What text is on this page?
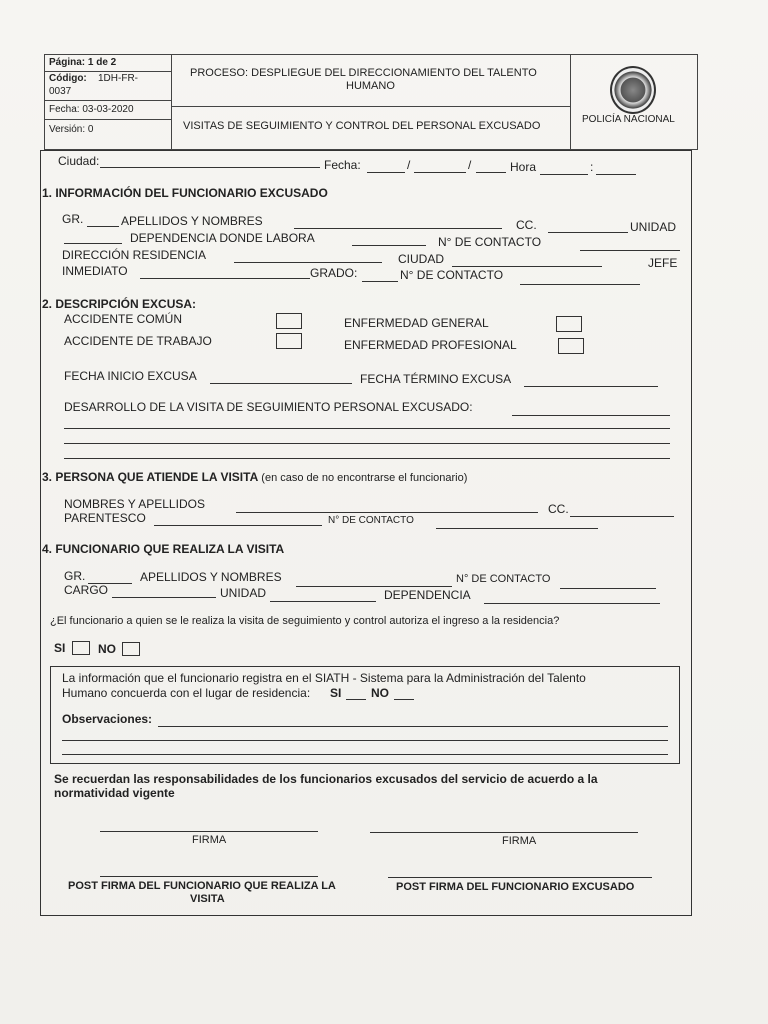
Página: 1 de 2
Código: 1DH-FR-
0037
Fecha: 03-03-2020
Versión: 0
PROCESO: DESPLIEGUE DEL DIRECCIONAMIENTO DEL TALENTO
HUMANO
VISITAS DE SEGUIMIENTO Y CONTROL DEL PERSONAL EXCUSADO
POLICÍA NACIONAL
Ciudad:	Fecha:	/	/	Hora	:
1. INFORMACIÓN DEL FUNCIONARIO EXCUSADO
GR.	APELLIDOS Y NOMBRES	CC.	UNIDAD
DEPENDENCIA DONDE LABORA	N° DE CONTACTO
DIRECCIÓN RESIDENCIA	CIUDAD	JEFE
INMEDIATO	GRADO:	N° DE CONTACTO
2. DESCRIPCIÓN EXCUSA:
ACCIDENTE COMÚN	ENFERMEDAD GENERAL
ACCIDENTE DE TRABAJO	ENFERMEDAD PROFESIONAL
FECHA INICIO EXCUSA	FECHA TÉRMINO EXCUSA
DESARROLLO DE LA VISITA DE SEGUIMIENTO PERSONAL EXCUSADO:
3. PERSONA QUE ATIENDE LA VISITA (en caso de no encontrarse el funcionario)
NOMBRES Y APELLIDOS	CC.
PARENTESCO	N° DE CONTACTO
4. FUNCIONARIO QUE REALIZA LA VISITA
GR.	APELLIDOS Y NOMBRES	N° DE CONTACTO
CARGO	UNIDAD	DEPENDENCIA
¿El funcionario a quien se le realiza la visita de seguimiento y control autoriza el ingreso a la residencia?
SI	NO
La información que el funcionario registra en el SIATH - Sistema para la Administración del Talento
Humano concuerda con el lugar de residencia: SI NO
Observaciones:
Se recuerdan las responsabilidades de los funcionarios excusados del servicio de acuerdo a la
normatividad vigente
FIRMA	FIRMA
POST FIRMA DEL FUNCIONARIO QUE REALIZA LA
VISITA
POST FIRMA DEL FUNCIONARIO EXCUSADO
